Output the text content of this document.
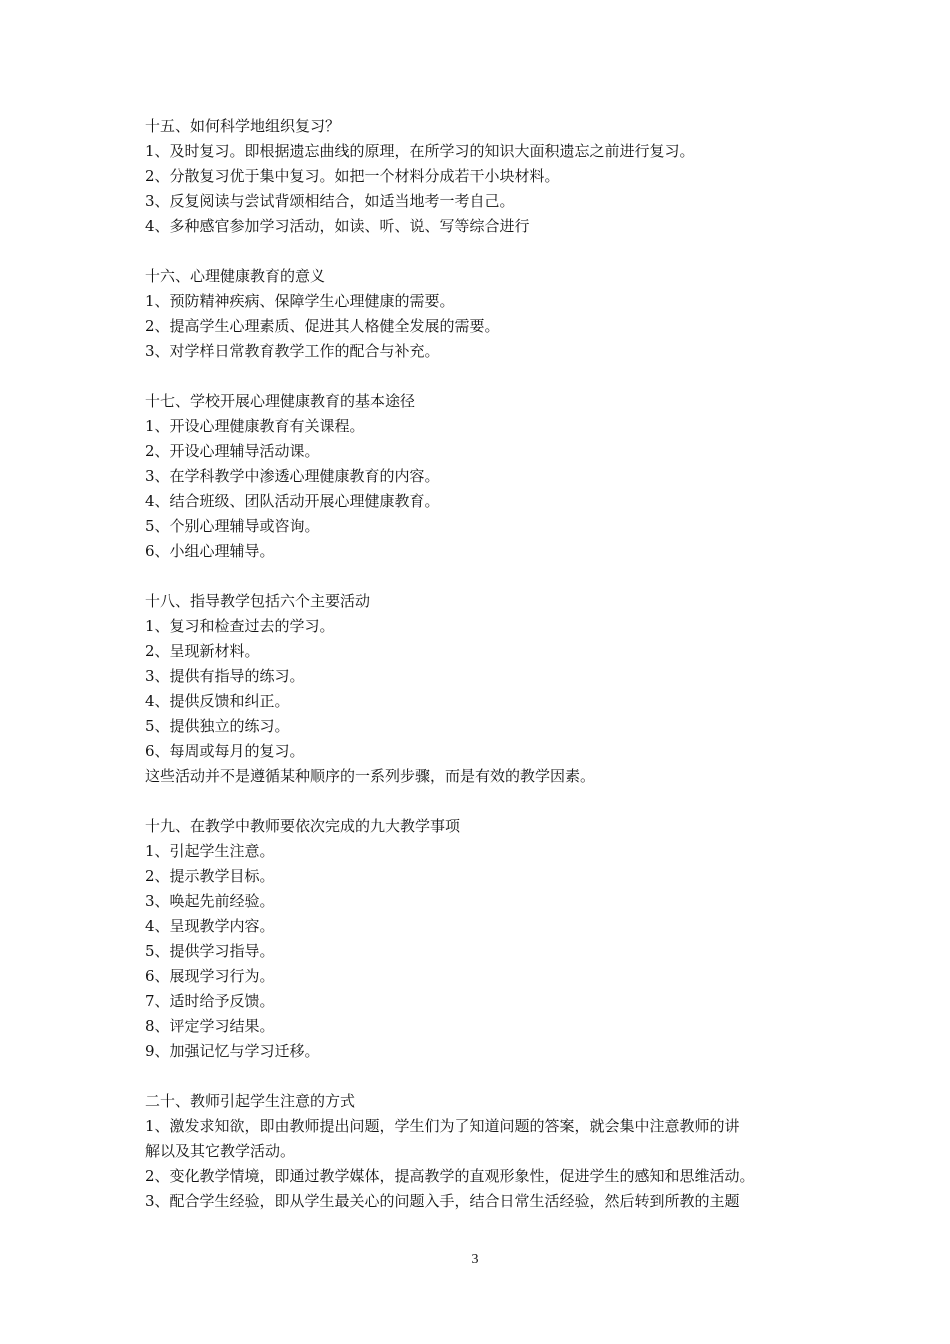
十五、如何科学地组织复习？
1、及时复习。即根据遗忘曲线的原理，在所学习的知识大面积遗忘之前进行复习。
2、分散复习优于集中复习。如把一个材料分成若干小块材料。
3、反复阅读与尝试背颂相结合，如适当地考一考自己。
4、多种感官参加学习活动，如读、听、说、写等综合进行
十六、心理健康教育的意义
1、预防精神疾病、保障学生心理健康的需要。
2、提高学生心理素质、促进其人格健全发展的需要。
3、对学样日常教育教学工作的配合与补充。
十七、学校开展心理健康教育的基本途径
1、开设心理健康教育有关课程。
2、开设心理辅导活动课。
3、在学科教学中渗透心理健康教育的内容。
4、结合班级、团队活动开展心理健康教育。
5、个别心理辅导或咨询。
6、小组心理辅导。
十八、指导教学包括六个主要活动
1、复习和检查过去的学习。
2、呈现新材料。
3、提供有指导的练习。
4、提供反馈和纠正。
5、提供独立的练习。
6、每周或每月的复习。
这些活动并不是遵循某种顺序的一系列步骤，而是有效的教学因素。
十九、在教学中教师要依次完成的九大教学事项
1、引起学生注意。
2、提示教学目标。
3、唤起先前经验。
4、呈现教学内容。
5、提供学习指导。
6、展现学习行为。
7、适时给予反馈。
8、评定学习结果。
9、加强记忆与学习迁移。
二十、教师引起学生注意的方式
1、激发求知欲，即由教师提出问题，学生们为了知道问题的答案，就会集中注意教师的讲
解以及其它教学活动。
2、变化教学情境，即通过教学媒体，提高教学的直观形象性，促进学生的感知和思维活动。
3、配合学生经验，即从学生最关心的问题入手，结合日常生活经验，然后转到所教的主题
3
